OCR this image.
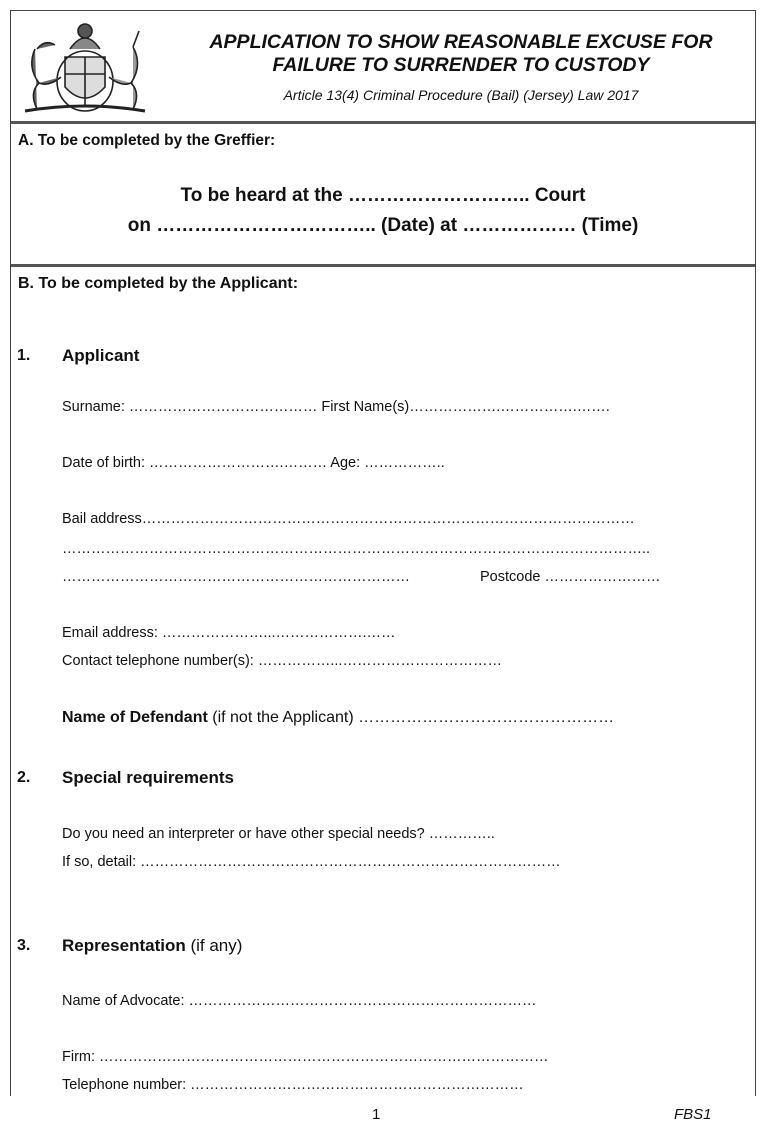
APPLICATION TO SHOW REASONABLE EXCUSE FOR
FAILURE TO SURRENDER TO CUSTODY
Article 13(4) Criminal Procedure (Bail) (Jersey) Law 2017
A. To be completed by the Greffier:
To be heard at the ……………………….. Court
on …………………………….. (Date) at ……………… (Time)
B. To be completed by the Applicant:
1. Applicant
Surname: ………………………………… First Name(s)……………….…………….…….
Date of birth: ……………………….……… Age: ……………..
Bail address…………………………………………………………………………………………
…………………………………………………………………………………………………………..
………………………………………………………………	Postcode ……………………
Email address: …………………...……………….……
Contact telephone number(s): ……………...……………………………
Name of Defendant (if not the Applicant) …………………………………………
2. Special requirements
Do you need an interpreter or have other special needs? …………..
If so, detail: ……………………………………………………………………………
3. Representation (if any)
Name of Advocate: ………………………………………………………………
Firm: …………………………………………………………………………………
Telephone number: ……………………………………………………………
1	FBS1
